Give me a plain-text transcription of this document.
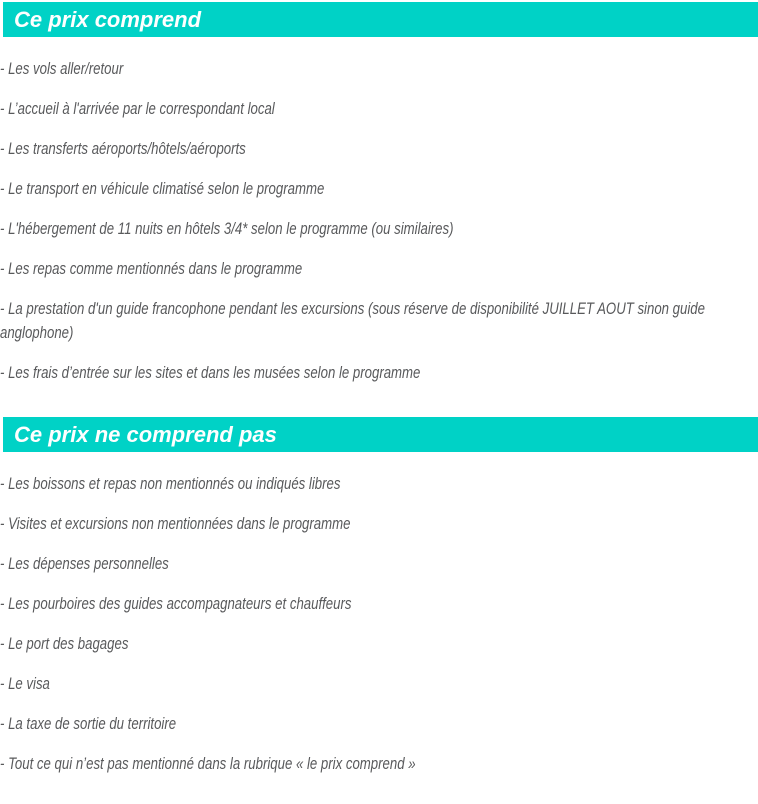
Ce prix comprend

- Les vols aller/retour

- L’accueil à l'arrivée par le correspondant local

- Les transferts aéroports/hôtels/aéroports

- Le transport en véhicule climatisé selon le programme

- L'hébergement de 11 nuits en hôtels 3/4* selon le programme (ou similaires)

- Les repas comme mentionnés dans le programme

- La prestation d'un guide francophone pendant les excursions (sous réserve de disponibilité JUILLET AOUT sinon guide anglophone)

- Les frais d’entrée sur les sites et dans les musées selon le programme

Ce prix ne comprend pas

- Les boissons et repas non mentionnés ou indiqués libres

- Visites et excursions non mentionnées dans le programme

- Les dépenses personnelles

- Les pourboires des guides accompagnateurs et chauffeurs

- Le port des bagages

- Le visa

- La taxe de sortie du territoire

- Tout ce qui n’est pas mentionné dans la rubrique « le prix comprend »
